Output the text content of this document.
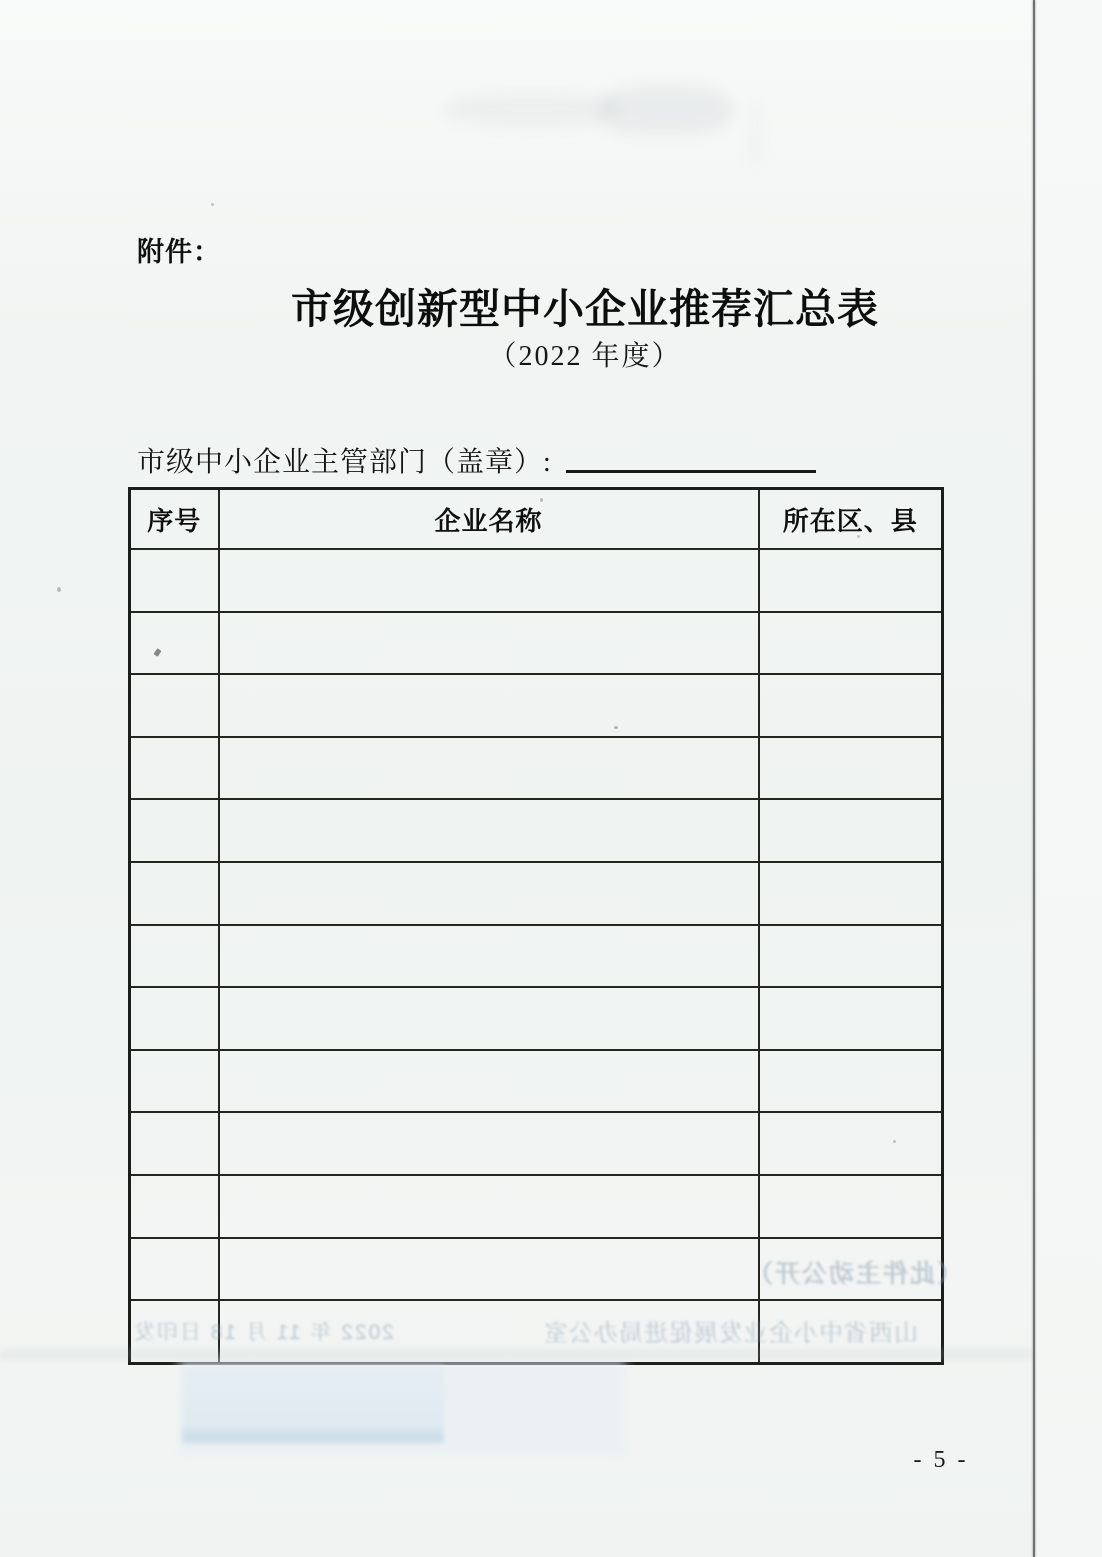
附件：
市级创新型中小企业推荐汇总表
（2022 年度）
市级中小企业主管部门（盖章）:
序号	企业名称	所在区、县

（此件主动公开）
山西省中小企业发展促进局办公室
2022 年 11 月 18 日印发
- 5 -
